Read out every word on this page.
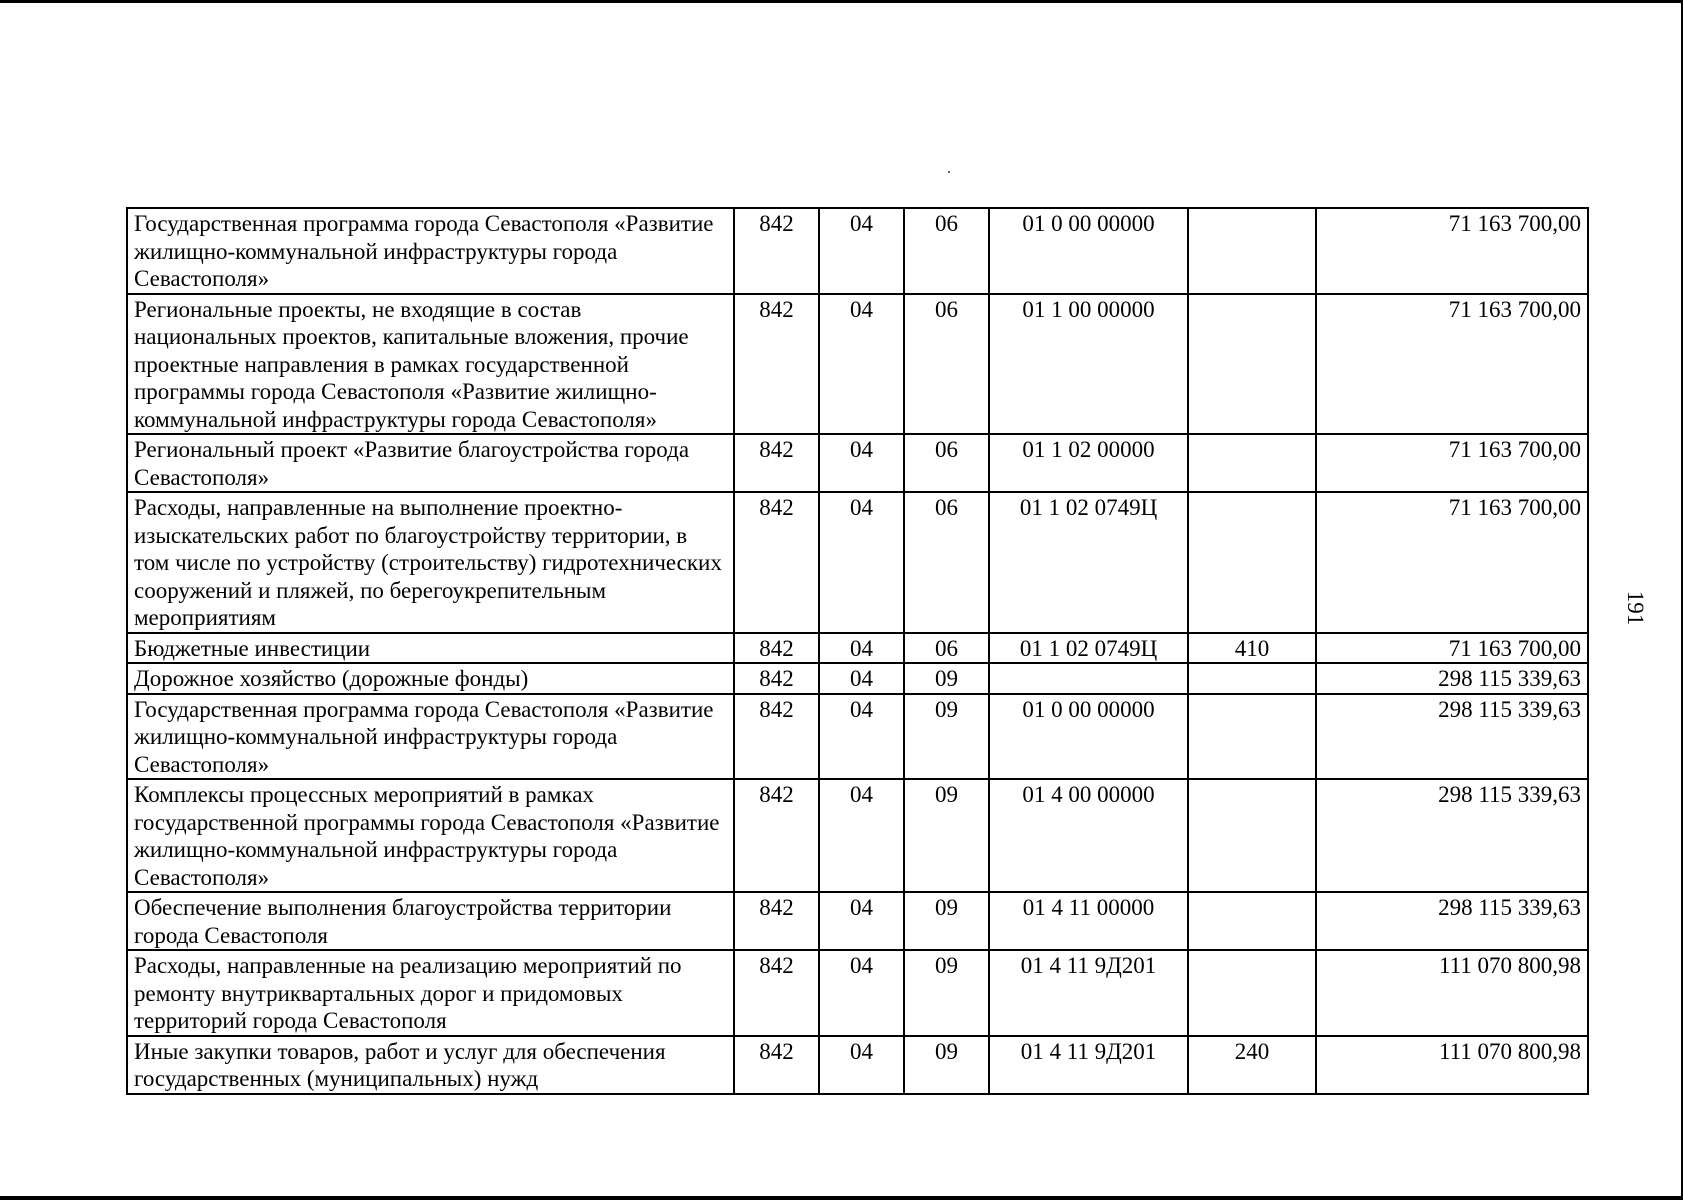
191
Государственная программа города Севастополя «Развитие жилищно-коммунальной инфраструктуры города Севастополя»	842	04	06	01 0 00 00000		71 163 700,00
Региональные проекты, не входящие в состав национальных проектов, капитальные вложения, прочие проектные направления в рамках государственной программы города Севастополя «Развитие жилищно-коммунальной инфраструктуры города Севастополя»	842	04	06	01 1 00 00000		71 163 700,00
Региональный проект «Развитие благоустройства города Севастополя»	842	04	06	01 1 02 00000		71 163 700,00
Расходы, направленные на выполнение проектно-изыскательских работ по благоустройству территории, в том числе по устройству (строительству) гидротехнических сооружений и пляжей, по берегоукрепительным мероприятиям	842	04	06	01 1 02 0749Ц		71 163 700,00
Бюджетные инвестиции	842	04	06	01 1 02 0749Ц	410	71 163 700,00
Дорожное хозяйство (дорожные фонды)	842	04	09			298 115 339,63
Государственная программа города Севастополя «Развитие жилищно-коммунальной инфраструктуры города Севастополя»	842	04	09	01 0 00 00000		298 115 339,63
Комплексы процессных мероприятий в рамках государственной программы города Севастополя «Развитие жилищно-коммунальной инфраструктуры города Севастополя»	842	04	09	01 4 00 00000		298 115 339,63
Обеспечение выполнения благоустройства территории города Севастополя	842	04	09	01 4 11 00000		298 115 339,63
Расходы, направленные на реализацию мероприятий по ремонту внутриквартальных дорог и придомовых территорий города Севастополя	842	04	09	01 4 11 9Д201		111 070 800,98
Иные закупки товаров, работ и услуг для обеспечения государственных (муниципальных) нужд	842	04	09	01 4 11 9Д201	240	111 070 800,98
